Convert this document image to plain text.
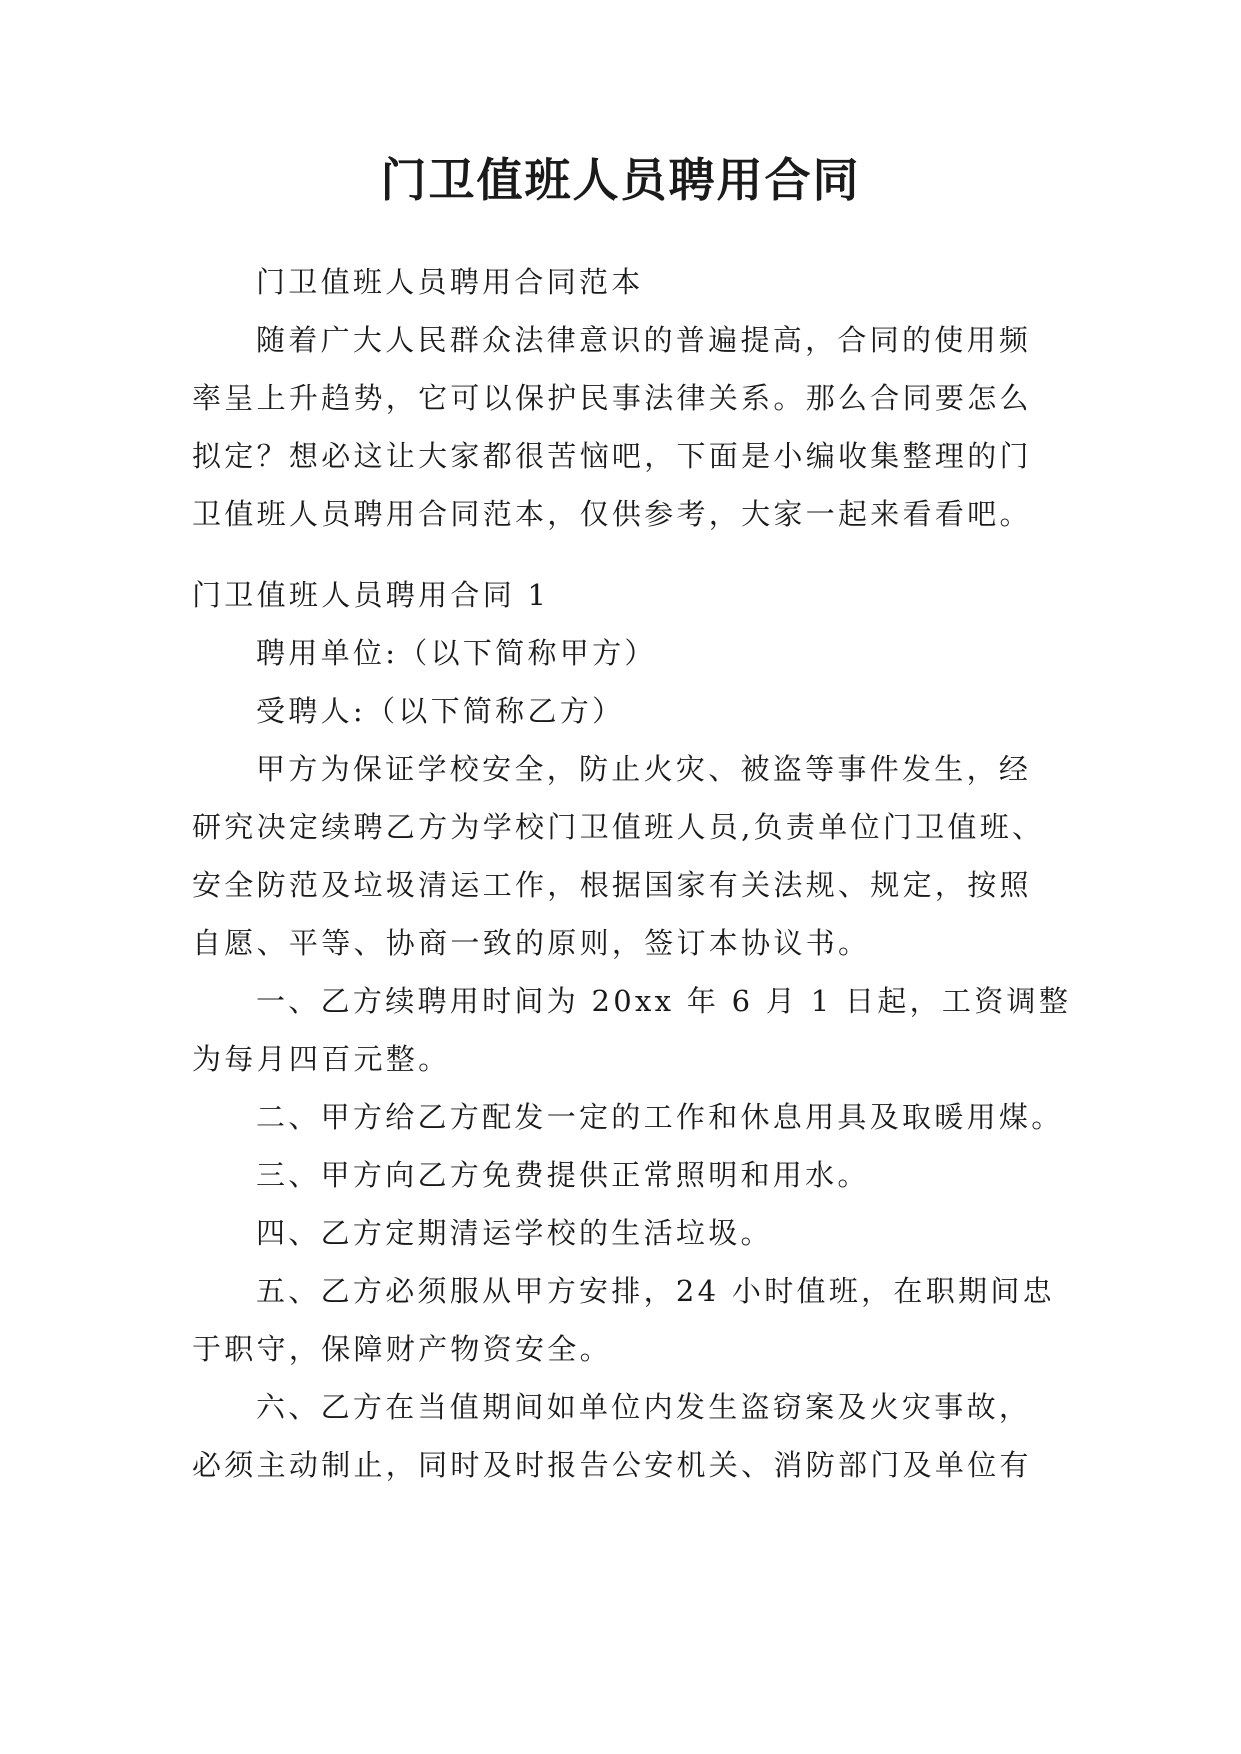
门卫值班人员聘用合同

门卫值班人员聘用合同范本

随着广大人民群众法律意识的普遍提高，合同的使用频
率呈上升趋势，它可以保护民事法律关系。那么合同要怎么
拟定？想必这让大家都很苦恼吧，下面是小编收集整理的门
卫值班人员聘用合同范本，仅供参考，大家一起来看看吧。

门卫值班人员聘用合同 1

聘用单位:（以下简称甲方）

受聘人:（以下简称乙方）

甲方为保证学校安全，防止火灾、被盗等事件发生，经
研究决定续聘乙方为学校门卫值班人员,负责单位门卫值班、
安全防范及垃圾清运工作，根据国家有关法规、规定，按照
自愿、平等、协商一致的原则，签订本协议书。

一、乙方续聘用时间为 20xx 年 6 月 1 日起，工资调整
为每月四百元整。

二、甲方给乙方配发一定的工作和休息用具及取暖用煤。

三、甲方向乙方免费提供正常照明和用水。

四、乙方定期清运学校的生活垃圾。

五、乙方必须服从甲方安排，24 小时值班，在职期间忠
于职守，保障财产物资安全。

六、乙方在当值期间如单位内发生盗窃案及火灾事故，
必须主动制止，同时及时报告公安机关、消防部门及单位有
